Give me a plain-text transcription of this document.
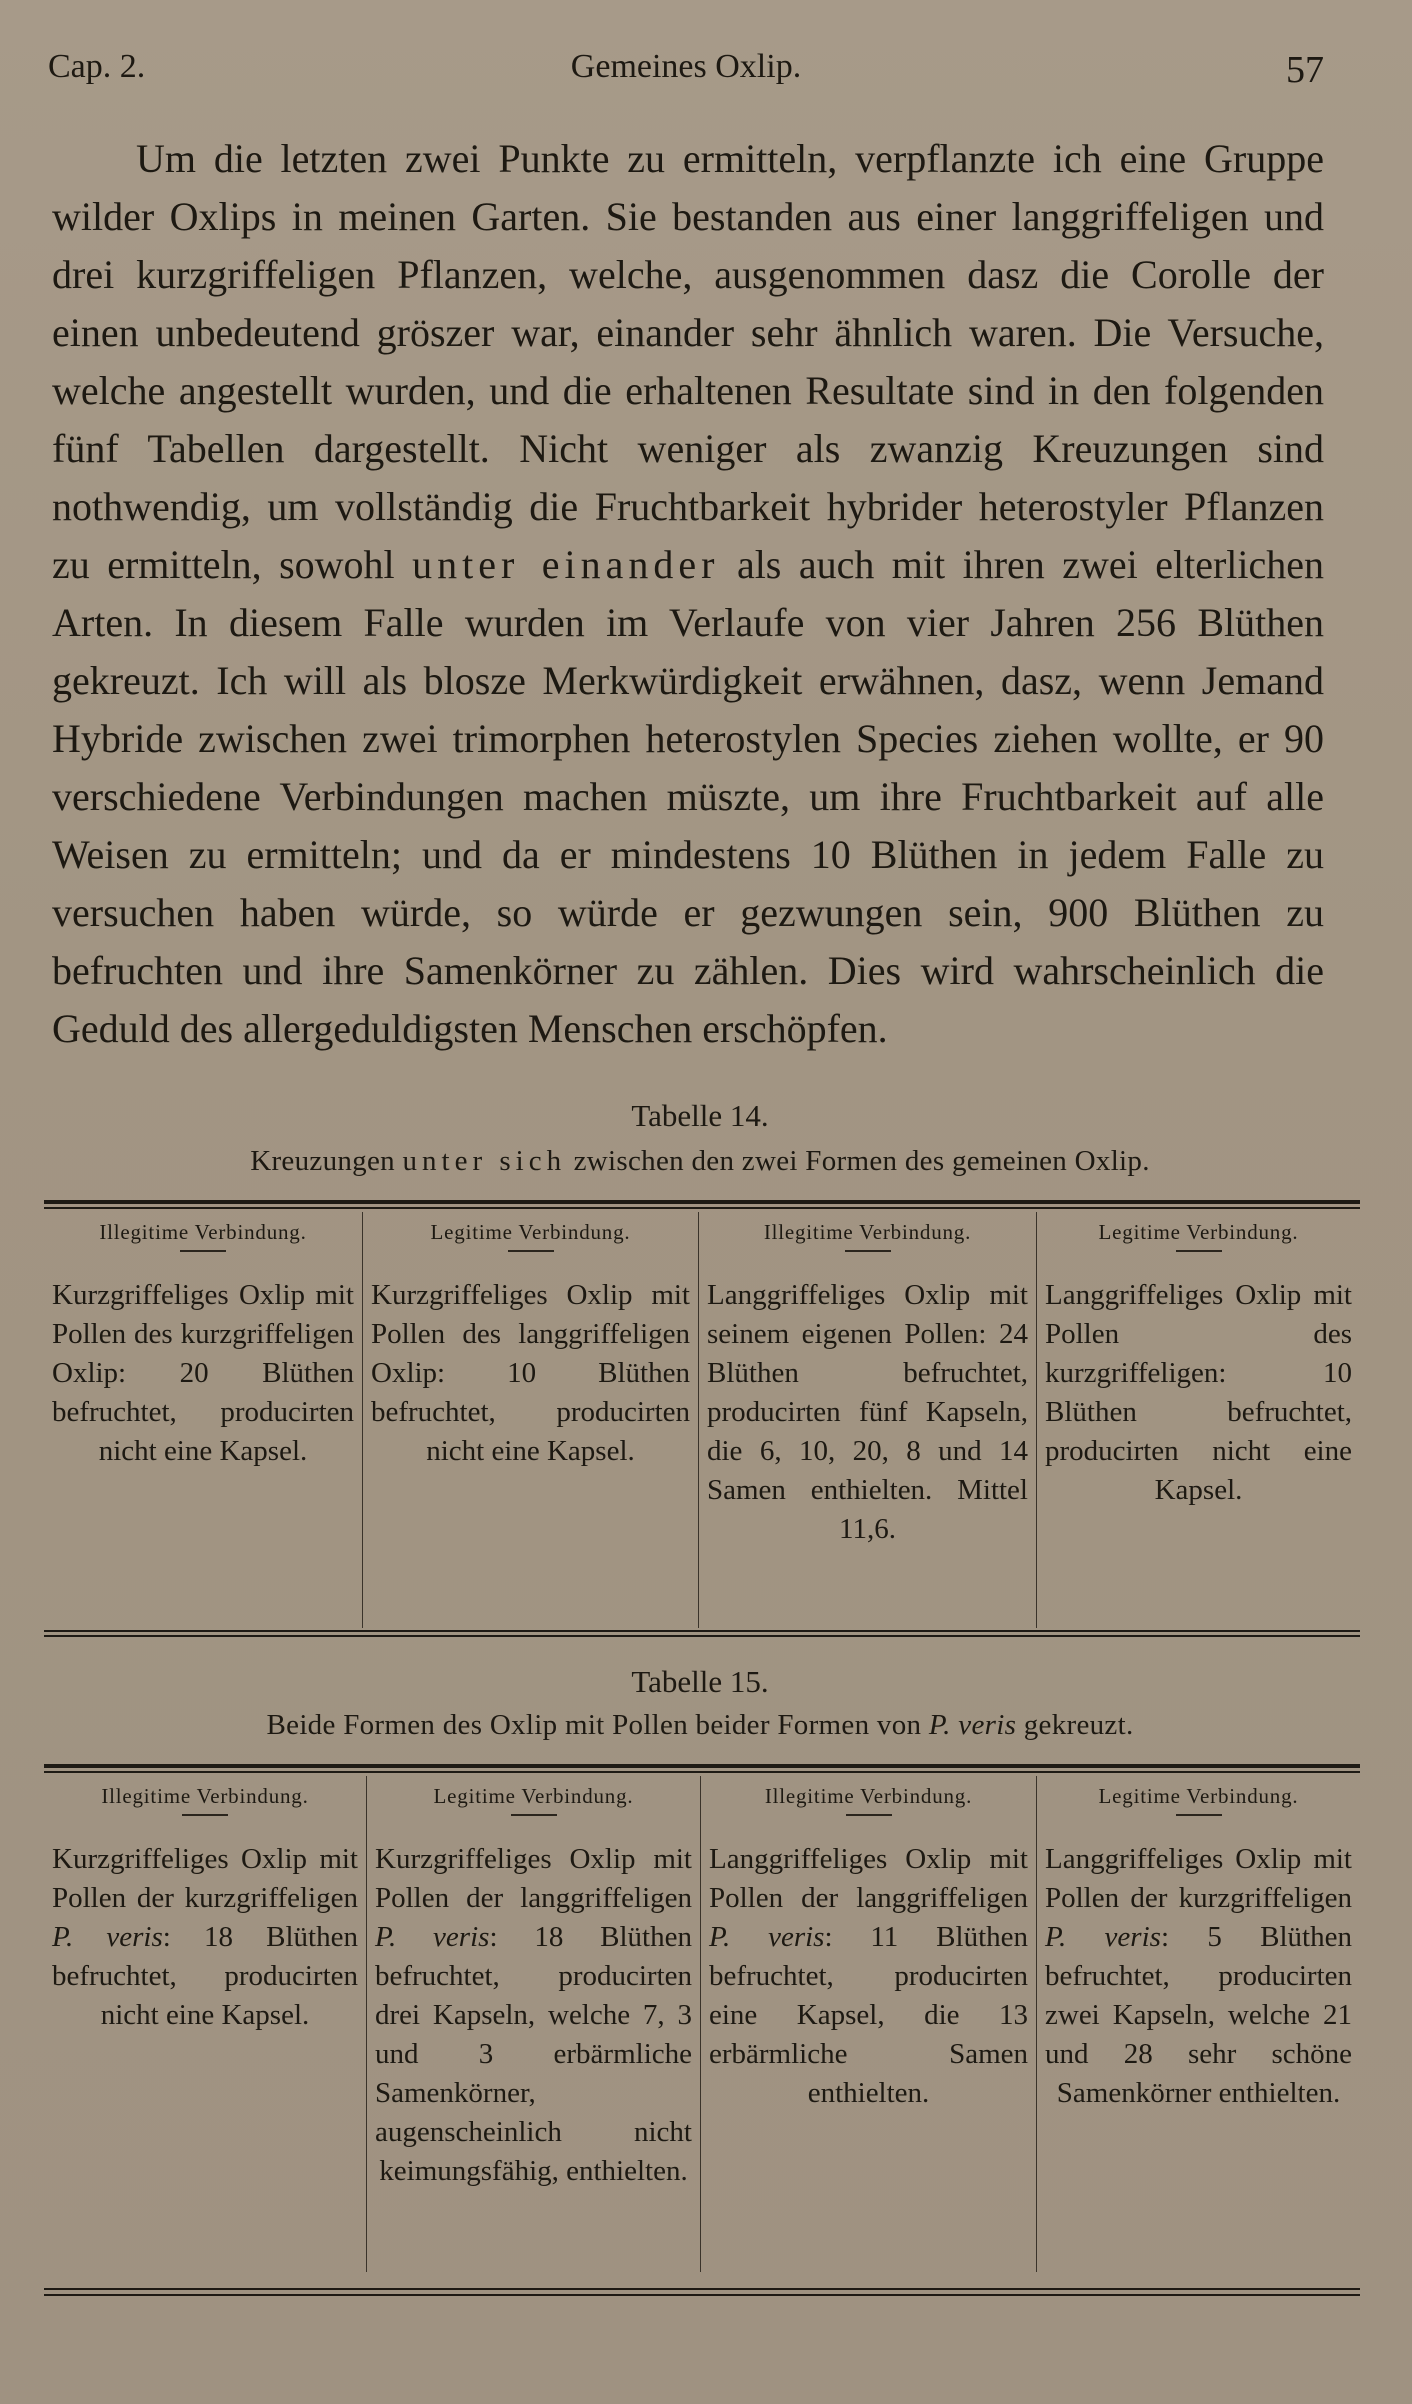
Cap. 2.	Gemeines Oxlip.	57

Um die letzten zwei Punkte zu ermitteln, verpflanzte ich eine Gruppe wilder Oxlips in meinen Garten. Sie bestanden aus einer langgriffeligen und drei kurzgriffeligen Pflanzen, welche, ausgenommen dasz die Corolle der einen unbedeutend gröszer war, einander sehr ähnlich waren. Die Versuche, welche angestellt wurden, und die erhaltenen Resultate sind in den folgenden fünf Tabellen dargestellt. Nicht weniger als zwanzig Kreuzungen sind nothwendig, um vollständig die Fruchtbarkeit hybrider heterostyler Pflanzen zu ermitteln, sowohl unter einander als auch mit ihren zwei elterlichen Arten. In diesem Falle wurden im Verlaufe von vier Jahren 256 Blüthen gekreuzt. Ich will als blosze Merkwürdigkeit erwähnen, dasz, wenn Jemand Hybride zwischen zwei trimorphen heterostylen Species ziehen wollte, er 90 verschiedene Verbindungen machen müszte, um ihre Fruchtbarkeit auf alle Weisen zu ermitteln; und da er mindestens 10 Blüthen in jedem Falle zu versuchen haben würde, so würde er gezwungen sein, 900 Blüthen zu befruchten und ihre Samenkörner zu zählen. Dies wird wahrscheinlich die Geduld des allergeduldigsten Menschen erschöpfen.

Tabelle 14.
Kreuzungen unter sich zwischen den zwei Formen des gemeinen Oxlip.
Illegitime Verbindung.
Kurzgriffeliges Oxlip mit Pollen des kurzgriffeligen Oxlip: 20 Blüthen befruchtet, producirten nicht eine Kapsel.
Legitime Verbindung.
Kurzgriffeliges Oxlip mit Pollen des langgriffeligen Oxlip: 10 Blüthen befruchtet, producirten nicht eine Kapsel.
Illegitime Verbindung.
Langgriffeliges Oxlip mit seinem eigenen Pollen: 24 Blüthen befruchtet, producirten fünf Kapseln, die 6, 10, 20, 8 und 14 Samen enthielten. Mittel 11,6.
Legitime Verbindung.
Langgriffeliges Oxlip mit Pollen des kurzgriffeligen: 10 Blüthen befruchtet, producirten nicht eine Kapsel.
Tabelle 15.
Beide Formen des Oxlip mit Pollen beider Formen von P. veris gekreuzt.
Illegitime Verbindung.
Kurzgriffeliges Oxlip mit Pollen der kurzgriffeligen P. veris: 18 Blüthen befruchtet, producirten nicht eine Kapsel.
Legitime Verbindung.
Kurzgriffeliges Oxlip mit Pollen der langgriffeligen P. veris: 18 Blüthen befruchtet, producirten drei Kapseln, welche 7, 3 und 3 erbärmliche Samenkörner, augenscheinlich nicht keimungsfähig, enthielten.
Illegitime Verbindung.
Langgriffeliges Oxlip mit Pollen der langgriffeligen P. veris: 11 Blüthen befruchtet, producirten eine Kapsel, die 13 erbärmliche Samen enthielten.
Legitime Verbindung.
Langgriffeliges Oxlip mit Pollen der kurzgriffeligen P. veris: 5 Blüthen befruchtet, producirten zwei Kapseln, welche 21 und 28 sehr schöne Samenkörner enthielten.
